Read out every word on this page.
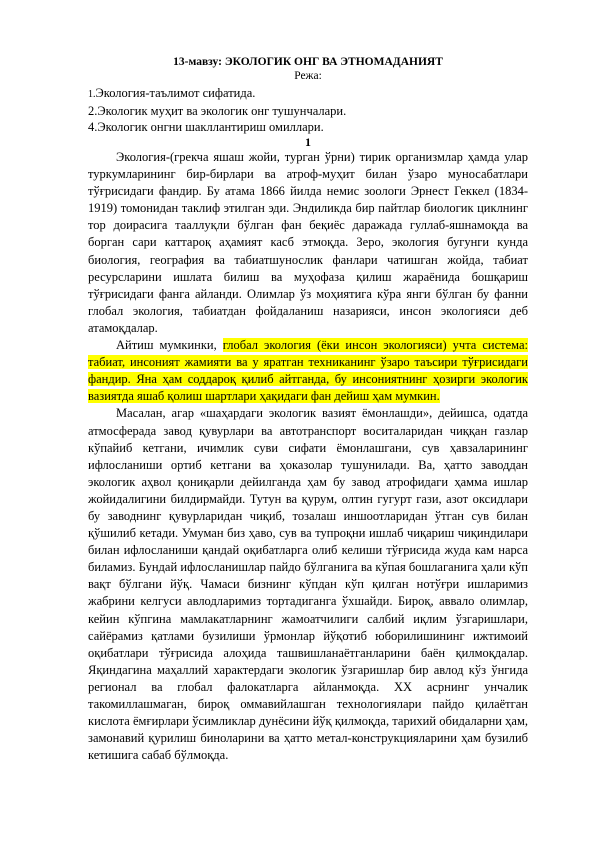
13-мавзу: ЭКОЛОГИК ОНГ ВА ЭТНОМАДАНИЯТ

Режа:

1.Экология-таълимот сифатида.

2.Экологик муҳит ва экологик онг тушунчалари.

4.Экологик онгни шакллантириш омиллари.

1

Экология-(грекча яшаш жойи, турган ўрни) тирик организмлар ҳамда улар туркумларининг бир-бирлари ва атроф-муҳит билан ўзаро муносабатлари тўғрисидаги фандир. Бу атама 1866 йилда немис зоологи Эрнест Геккел (1834-1919) томонидан таклиф этилган эди. Эндиликда бир пайтлар биологик циклнинг тор доирасига тааллуқли бўлган фан беқиёс даражада гуллаб-яшнамоқда ва борган сари каттароқ аҳамият касб этмоқда. Зеро, экология бугунги кунда биология, география ва табиатшунослик фанлари чатишган жойда, табиат ресурсларини ишлата билиш ва муҳофаза қилиш жараёнида бошқариш тўғрисидаги фанга айланди. Олимлар ўз моҳиятига кўра янги бўлган бу фанни глобал экология, табиатдан фойдаланиш назарияси, инсон экологияси деб атамоқдалар.

Айтиш мумкинки, глобал экология (ёки инсон экологияси) учта система: табиат, инсоният жамияти ва у яратган техниканинг ўзаро таъсири тўғрисидаги фандир. Яна ҳам соддароқ қилиб айтганда, бу инсониятнинг ҳозирги экологик вазиятда яшаб қолиш шартлари ҳақидаги фан дейиш ҳам мумкин.

Масалан, агар «шаҳардаги экологик вазият ёмонлашди», дейишса, одатда атмосферада завод қувурлари ва автотранспорт воситаларидан чиққан газлар кўпайиб кетгани, ичимлик суви сифати ёмонлашгани, сув ҳавзаларининг ифлосланиши ортиб кетгани ва ҳоказолар тушунилади. Ва, ҳатто заводдан экологик аҳвол қониқарли дейилганда ҳам бу завод атрофидаги ҳамма ишлар жойидалигини билдирмайди. Тутун ва қурум, олтин гугурт гази, азот оксидлари бу заводнинг қувурларидан чиқиб, тозалаш иншоотларидан ўтган сув билан қўшилиб кетади. Умуман биз ҳаво, сув ва тупроқни ишлаб чиқариш чиқиндилари билан ифлосланиши қандай оқибатларга олиб келиши тўғрисида жуда кам нарса биламиз. Бундай ифлосланишлар пайдо бўлганига ва кўпая бошлаганига ҳали кўп вақт бўлгани йўқ. Чамаси бизнинг кўпдан кўп қилган нотўғри ишларимиз жабрини келгуси авлодларимиз тортадиганга ўхшайди. Бироқ, аввало олимлар, кейин кўпгина мамлакатларнинг жамоатчилиги салбий иқлим ўзгаришлари, сайёрамиз қатлами бузилиши ўрмонлар йўқотиб юборилишининг ижтимоий оқибатлари тўғрисида алоҳида ташвишланаётганларини баён қилмоқдалар. Яқиндагина маҳаллий характердаги экологик ўзгаришлар бир авлод кўз ўнгида регионал ва глобал фалокатларга айланмоқда. ХХ асрнинг унчалик такомиллашмаган, бироқ оммавийлашган технологиялари пайдо қилаётган кислота ёмғирлари ўсимликлар дунёсини йўқ қилмоқда, тарихий обидаларни ҳам, замонавий қурилиш биноларини ва ҳатто метал-конструкцияларини ҳам бузилиб кетишига сабаб бўлмоқда.
